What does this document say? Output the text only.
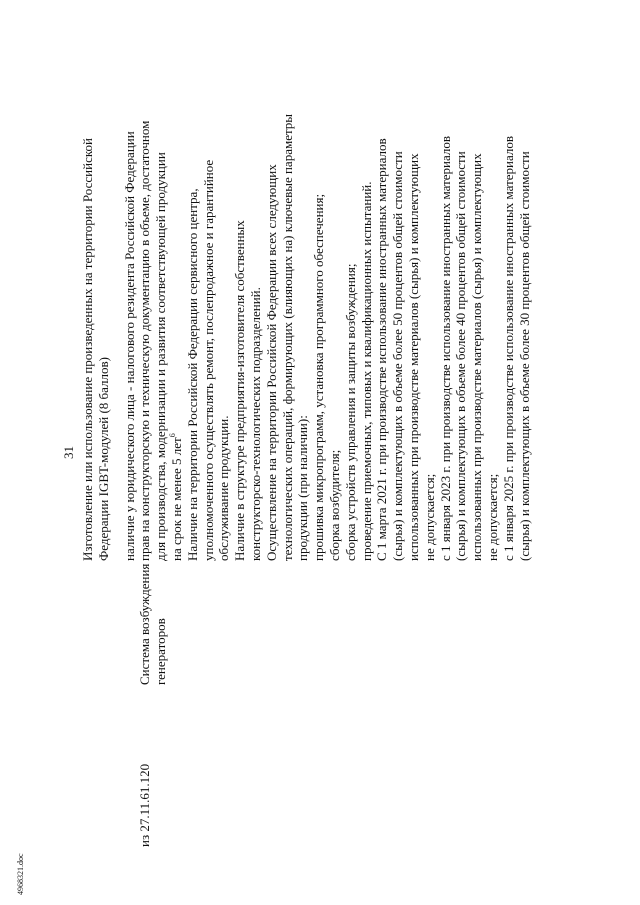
31
из 27.11.61.120
Система возбуждения генераторов
Изготовление или использование произведенных на территории Российской Федерации IGBT-модулей (8 баллов) наличие у юридического лица - налогового резидента Российской Федерации прав на конструкторскую и техническую документацию в объеме, достаточном для производства, модернизации и развития соответствующей продукции на срок не менее 5 лет$^6$ Наличие на территории Российской Федерации сервисного центра, уполномоченного осуществлять ремонт, послепродажное и гарантийное обслуживание продукции. Наличие в структуре предприятия-изготовителя собственных конструкторско-технологических подразделений. Осуществление на территории Российской Федерации всех следующих технологических операций, формирующих (влияющих на) ключевые параметры продукции (при наличии): прошивка микропрограмм, установка программного обеспечения; сборка возбудителя; сборка устройств управления и защиты возбуждения; проведение приемочных, типовых и квалификационных испытаний. С 1 марта 2021 г. при производстве использование иностранных материалов (сырья) и комплектующих в объеме более 50 процентов общей стоимости использованных при производстве материалов (сырья) и комплектующих не допускается; с 1 января 2023 г. при производстве использование иностранных материалов (сырья) и комплектующих в объеме более 40 процентов общей стоимости использованных при производстве материалов (сырья) и комплектующих не допускается; с 1 января 2025 г. при производстве использование иностранных материалов (сырья) и комплектующих в объеме более 30 процентов общей стоимости
4968321.doc
